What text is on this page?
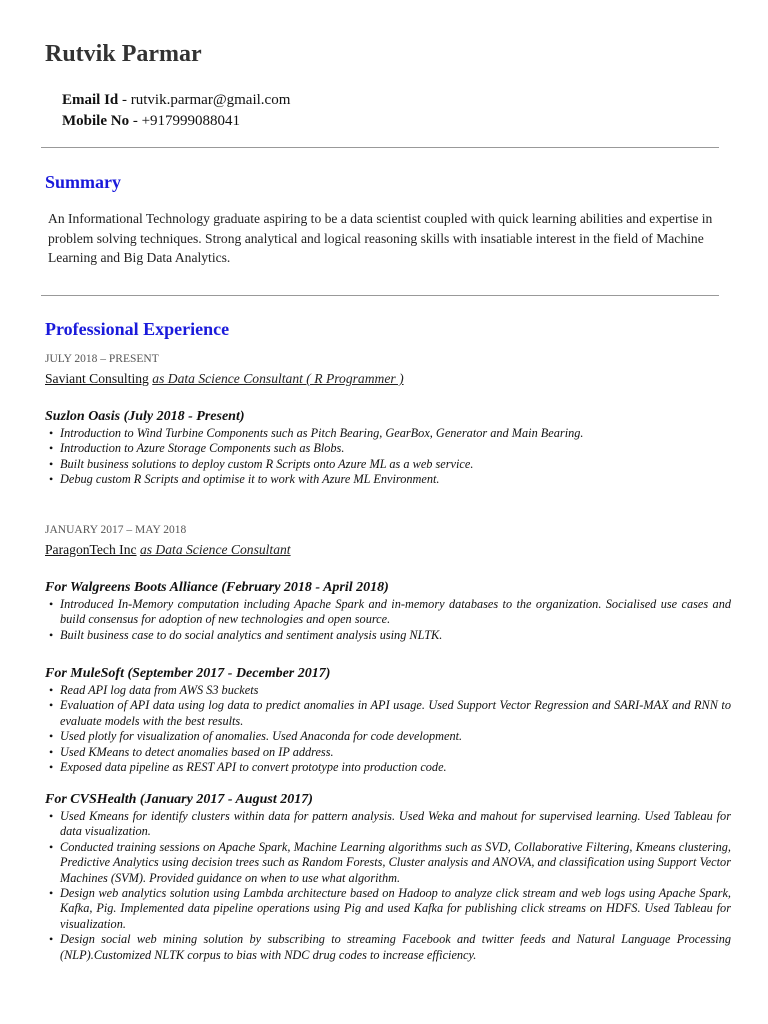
Rutvik Parmar
Email Id - rutvik.parmar@gmail.com
Mobile No - +917999088041
Summary

An Informational Technology graduate aspiring to be a data scientist coupled with quick learning abilities and expertise in problem solving techniques. Strong analytical and logical reasoning skills with insatiable interest in the field of Machine Learning and Big Data Analytics.

Professional Experience

JULY 2018 – PRESENT

Saviant Consulting as Data Science Consultant ( R Programmer )

Suzlon Oasis (July 2018 - Present)

• Introduction to Wind Turbine Components such as Pitch Bearing, GearBox, Generator and Main Bearing.
• Introduction to Azure Storage Components such as Blobs.
• Built business solutions to deploy custom R Scripts onto Azure ML as a web service.
• Debug custom R Scripts and optimise it to work with Azure ML Environment.

JANUARY 2017 – MAY 2018

ParagonTech Inc as Data Science Consultant

For Walgreens Boots Alliance (February 2018 - April 2018)

• Introduced In-Memory computation including Apache Spark and in-memory databases to the organization. Socialised use cases and build consensus for adoption of new technologies and open source.
• Built business case to do social analytics and sentiment analysis using NLTK.

For MuleSoft (September 2017 - December 2017)

• Read API log data from AWS S3 buckets
• Evaluation of API data using log data to predict anomalies in API usage. Used Support Vector Regression and SARI-MAX and RNN to evaluate models with the best results.
• Used plotly for visualization of anomalies. Used Anaconda for code development.
• Used KMeans to detect anomalies based on IP address.
• Exposed data pipeline as REST API to convert prototype into production code.

For CVSHealth (January 2017 - August 2017)

• Used Kmeans for identify clusters within data for pattern analysis. Used Weka and mahout for supervised learning. Used Tableau for data visualization.
• Conducted training sessions on Apache Spark, Machine Learning algorithms such as SVD, Collaborative Filtering, Kmeans clustering, Predictive Analytics using decision trees such as Random Forests, Cluster analysis and ANOVA, and classification using Support Vector Machines (SVM). Provided guidance on when to use what algorithm.
• Design web analytics solution using Lambda architecture based on Hadoop to analyze click stream and web logs using Apache Spark, Kafka, Pig. Implemented data pipeline operations using Pig and used Kafka for publishing click streams on HDFS. Used Tableau for visualization.
• Design social web mining solution by subscribing to streaming Facebook and twitter feeds and Natural Language Processing (NLP).Customized NLTK corpus to bias with NDC drug codes to increase efficiency.
